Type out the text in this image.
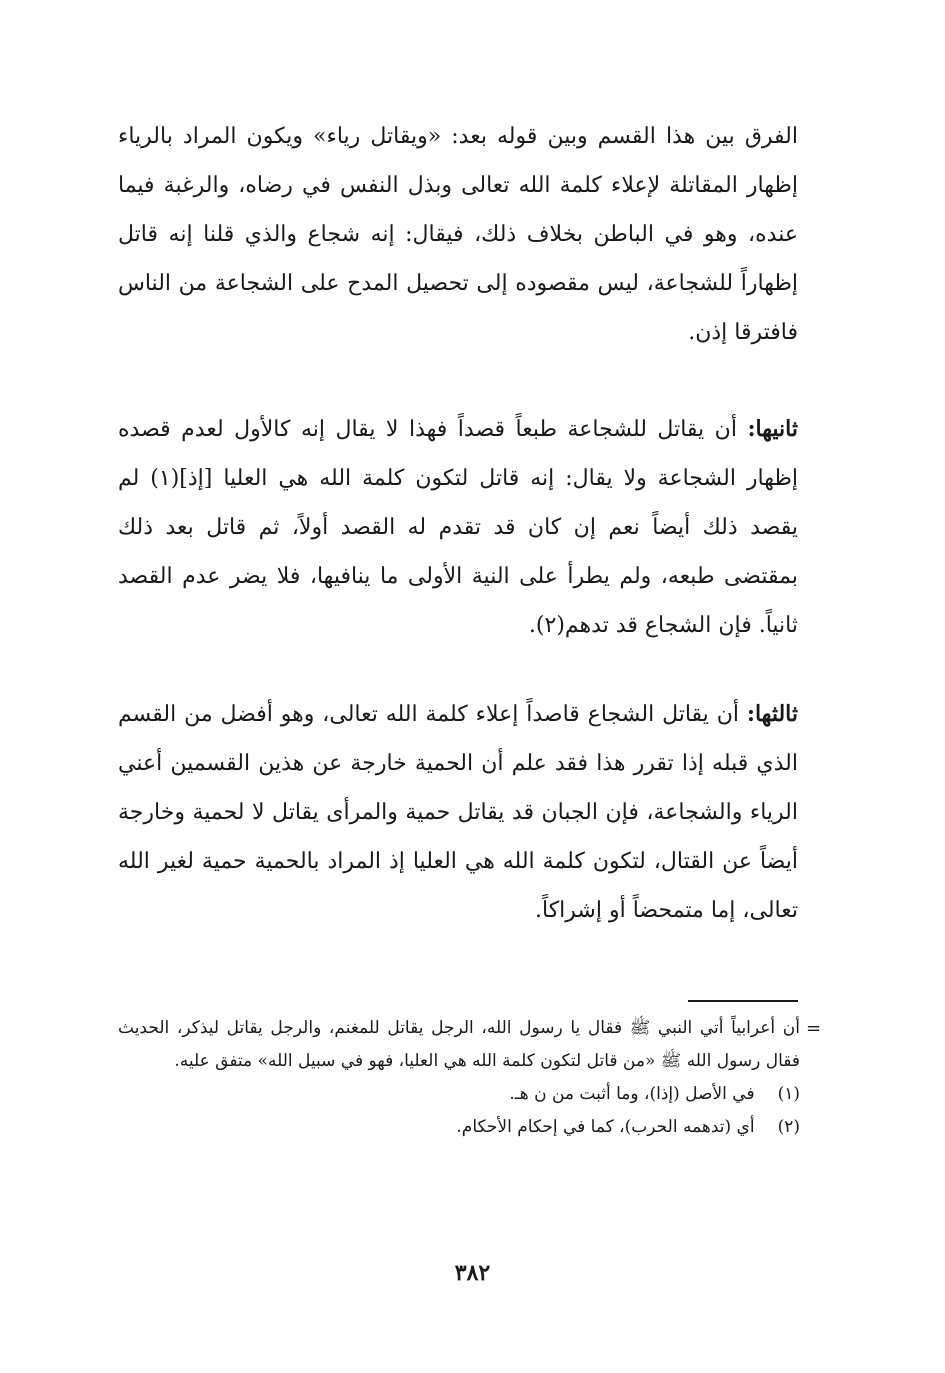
الفرق بين هذا القسم وبين قوله بعد: «ويقاتل رياء» ويكون المراد بالرياء إظهار المقاتلة لإعلاء كلمة الله تعالى وبذل النفس في رضاه، والرغبة فيما عنده، وهو في الباطن بخلاف ذلك، فيقال: إنه شجاع والذي قلنا إنه قاتل إظهاراً للشجاعة، ليس مقصوده إلى تحصيل المدح على الشجاعة من الناس فافترقا إذن.

ثانيها: أن يقاتل للشجاعة طبعاً قصداً فهذا لا يقال إنه كالأول لعدم قصده إظهار الشجاعة ولا يقال: إنه قاتل لتكون كلمة الله هي العليا [إذ](١) لم يقصد ذلك أيضاً نعم إن كان قد تقدم له القصد أولاً، ثم قاتل بعد ذلك بمقتضى طبعه، ولم يطرأ على النية الأولى ما ينافيها، فلا يضر عدم القصد ثانياً. فإن الشجاع قد تدهم(٢).

ثالثها: أن يقاتل الشجاع قاصداً إعلاء كلمة الله تعالى، وهو أفضل من القسم الذي قبله إذا تقرر هذا فقد علم أن الحمية خارجة عن هذين القسمين أعني الرياء والشجاعة، فإن الجبان قد يقاتل حمية والمرأى يقاتل لا لحمية وخارجة أيضاً عن القتال، لتكون كلمة الله هي العليا إذ المراد بالحمية حمية لغير الله تعالى، إما متمحضاً أو إشراكاً.

=

أن أعرابياً أتي النبي ﷺ فقال يا رسول الله، الرجل يقاتل للمغنم، والرجل يقاتل ليذكر، الحديث فقال رسول الله ﷺ «من قاتل لتكون كلمة الله هي العليا، فهو في سبيل الله» متفق عليه.

(١) في الأصل (إذا)، وما أثبت من ن هـ.

(٢) أي (تدهمه الحرب)، كما في إحكام الأحكام.

٣٨٢
